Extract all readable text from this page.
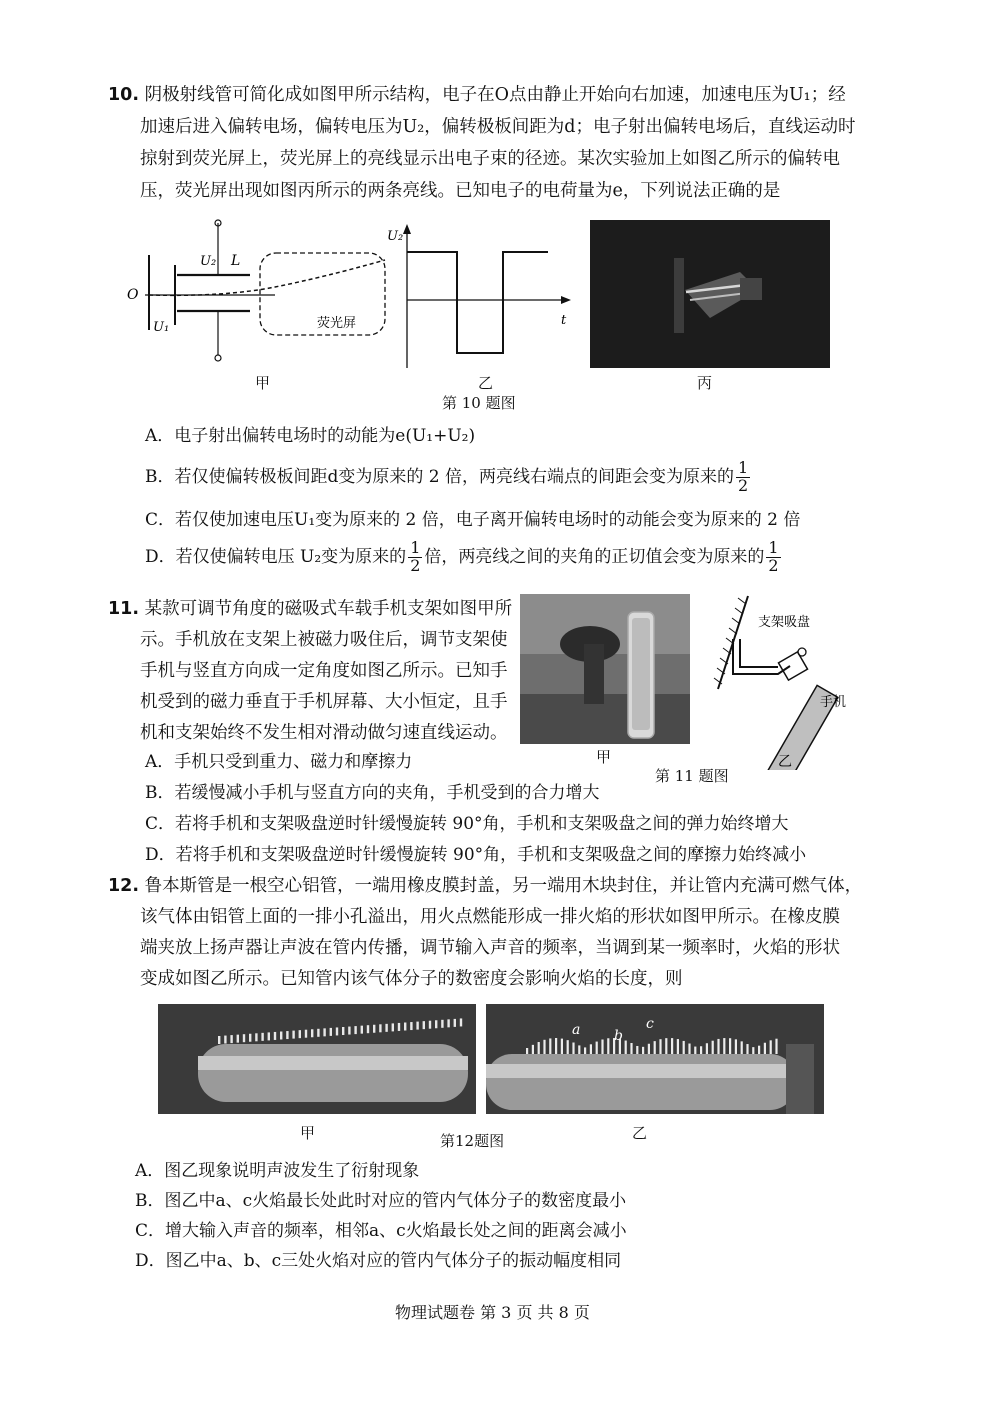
10. 阴极射线管可简化成如图甲所示结构，电子在O点由静止开始向右加速，加速电压为U₁；经
加速后进入偏转电场，偏转电压为U₂，偏转极板间距为d；电子射出偏转电场后，直线运动时
掠射到荧光屏上，荧光屏上的亮线显示出电子束的径迹。某次实验加上如图乙所示的偏转电
压，荧光屏出现如图丙所示的两条亮线。已知电子的电荷量为e，下列说法正确的是
O
U₁
U₂ L
荧光屏
U₂
t
甲	乙	丙
第 10 题图
A．电子射出偏转电场时的动能为e(U₁+U₂)
B．若仅使偏转极板间距d变为原来的 2 倍，两亮线右端点的间距会变为原来的 $\frac{1}{2}$
C．若仅使加速电压U₁变为原来的 2 倍，电子离开偏转电场时的动能会变为原来的 2 倍
D．若仅使偏转电压 U₂变为原来的 $\frac{1}{2}$ 倍，两亮线之间的夹角的正切值会变为原来的 $\frac{1}{2}$
11. 某款可调节角度的磁吸式车载手机支架如图甲所
示。手机放在支架上被磁力吸住后，调节支架使
手机与竖直方向成一定角度如图乙所示。已知手
机受到的磁力垂直于手机屏幕、大小恒定，且手
机和支架始终不发生相对滑动做匀速直线运动。
支架吸盘
手机
乙
甲
第 11 题图
A．手机只受到重力、磁力和摩擦力
B．若缓慢减小手机与竖直方向的夹角，手机受到的合力增大
C．若将手机和支架吸盘逆时针缓慢旋转 90°角，手机和支架吸盘之间的弹力始终增大
D．若将手机和支架吸盘逆时针缓慢旋转 90°角，手机和支架吸盘之间的摩擦力始终减小
12. 鲁本斯管是一根空心铝管，一端用橡皮膜封盖，另一端用木块封住，并让管内充满可燃气体，
该气体由铝管上面的一排小孔溢出，用火点燃能形成一排火焰的形状如图甲所示。在橡皮膜
端夹放上扬声器让声波在管内传播，调节输入声音的频率，当调到某一频率时，火焰的形状
变成如图乙所示。已知管内该气体分子的数密度会影响火焰的长度，则
a b
c
甲	乙
第12题图
A．图乙现象说明声波发生了衍射现象
B．图乙中a、c火焰最长处此时对应的管内气体分子的数密度最小
C．增大输入声音的频率，相邻a、c火焰最长处之间的距离会减小
D．图乙中a、b、c三处火焰对应的管内气体分子的振动幅度相同
物理试题卷 第 3 页 共 8 页
